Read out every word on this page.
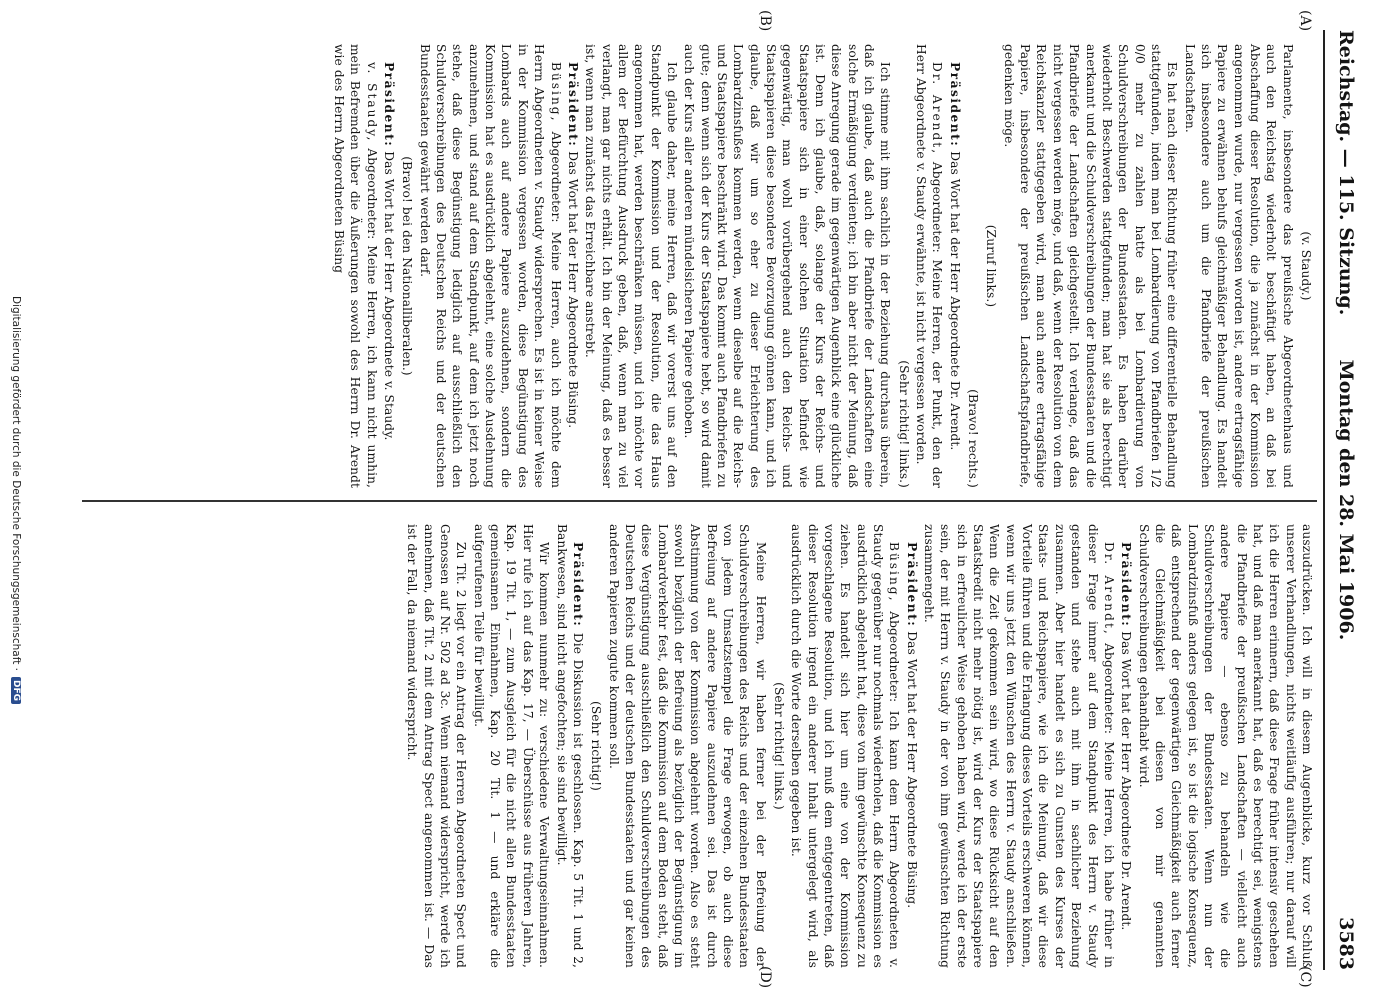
Reichstag. — 115. Sitzung.
Montag den 28. Mai 1906.
3583
(A)
(B)
(C)
(D)

(v. Staudy.)

Parlamente, insbesondere das preußische Abgeordnetenhaus und auch den Reichstag wiederholt beschäftigt haben, an daß bei Abschaffung dieser Resolution, die ja zunächst in der Kommission angenommen wurde, nur vergessen worden ist, andere ertragsfähige Papiere zu erwähnen behufs gleichmäßiger Behandlung. Es handelt sich insbesondere auch um die Pfandbriefe der preußischen Landschaften.

Es hat nach dieser Richtung früher eine differentielle Behandlung stattgefunden, indem man bei Lombardierung von Pfandbriefen 1/2 0/0 mehr zu zahlen hatte als bei Lombardierung von Schuldverschreibungen der Bundesstaaten. Es haben darüber wiederholt Beschwerden stattgefunden; man hat sie als berechtigt anerkannt und die Schuldverschreibungen der Bundesstaaten und die Pfandbriefe der Landschaften gleichgestellt. Ich verlange, daß das nicht vergessen werden möge, und daß, wenn der Resolution von dem Reichskanzler stattgegeben wird, man auch andere ertragsfähige Papiere, insbesondere der preußischen Landschaftspfandbriefe, gedenken möge.

(Zuruf links.)

(Bravo! rechts.)

Präsident: Das Wort hat der Herr Abgeordnete Dr. Arendt.

Dr. Arendt, Abgeordneter: Meine Herren, der Punkt, den der Herr Abgeordnete v. Staudy erwähnte, ist nicht vergessen worden.

(Sehr richtig! links.)

Ich stimme mit ihm sachlich in der Beziehung durchaus überein, daß ich glaube, daß auch die Pfandbriefe der Landschaften eine solche Ermäßigung verdienten; ich bin aber nicht der Meinung, daß diese Anregung gerade im gegenwärtigen Augenblick eine glückliche ist. Denn ich glaube, daß, solange der Kurs der Reichs- und Staatspapiere sich in einer solchen Situation befindet wie gegenwärtig, man wohl vorübergehend auch den Reichs- und Staatspapieren diese besondere Bevorzugung gönnen kann, und ich glaube, daß wir um so eher zu dieser Erleichterung des Lombardzinsfußes kommen werden, wenn dieselbe auf die Reichs- und Staatspapiere beschränkt wird. Das kommt auch Pfandbriefen zu gute; denn wenn sich der Kurs der Staatspapiere hebt, so wird damit auch der Kurs aller anderen mündelsicheren Papiere gehoben.

Ich glaube daher, meine Herren, daß wir vorerst uns auf den Standpunkt der Kommission und der Resolution, die das Haus angenommen hat, werden beschränken müssen, und ich möchte vor allem der Befürchtung Ausdruck geben, daß, wenn man zu viel verlangt, man gar nichts erhält. Ich bin der Meinung, daß es besser ist, wenn man zunächst das Erreichbare anstrebt.

Präsident: Das Wort hat der Herr Abgeordnete Büsing.

Büsing, Abgeordneter: Meine Herren, auch ich möchte dem Herrn Abgeordneten v. Staudy widersprechen. Es ist in keiner Weise in der Kommission vergessen worden, diese Begünstigung des Lombards auch auf andere Papiere auszudehnen, sondern die Kommission hat es ausdrücklich abgelehnt, eine solche Ausdehnung anzunehmen, und stand auf dem Standpunkt, auf dem ich jetzt noch stehe, daß diese Begünstigung lediglich auf ausschließlich den Schuldverschreibungen des Deutschen Reichs und der deutschen Bundesstaaten gewährt werden darf.

(Bravo! bei den Nationalliberalen.)

Präsident: Das Wort hat der Herr Abgeordnete v. Staudy.

v. Staudy, Abgeordneter: Meine Herren, ich kann nicht umhin, mein Befremden über die Äußerungen sowohl des Herrn Dr. Arendt wie des Herrn Abgeordneten Büsing

auszudrücken. Ich will in diesem Augenblicke, kurz vor Schluß unserer Verhandlungen, nichts weitläufig ausführen; nur darauf will ich die Herren erinnern, daß diese Frage früher intensiv geschehen hat, und daß man anerkannt hat, daß es berechtigt sei, wenigstens die Pfandbriefe der preußischen Landschaften — vielleicht auch andere Papiere — ebenso zu behandeln wie die Schuldverschreibungen der Bundesstaaten. Wenn nun der Lombardzinsfuß anders gelegen ist, so ist die logische Konsequenz, daß entsprechend der gegenwärtigen Gleichmäßigkeit auch ferner die Gleichmäßigkeit bei diesen von mir genannten Schuldverschreibungen gehandhabt wird.

Präsident: Das Wort hat der Herr Abgeordnete Dr. Arendt.

Dr. Arendt, Abgeordneter: Meine Herren, ich habe früher in dieser Frage immer auf dem Standpunkt des Herrn v. Staudy gestanden und stehe auch mit ihm in sachlicher Beziehung zusammen. Aber hier handelt es sich zu Gunsten des Kurses der Staats- und Reichspapiere, wie ich die Meinung, daß wir diese Vorteile führen und die Erlangung dieses Vorteils erschweren können, wenn wir uns jetzt den Wünschen des Herrn v. Staudy anschließen. Wenn die Zeit gekommen sein wird, wo diese Rücksicht auf den Staatskredit nicht mehr nötig ist, wird der Kurs der Staatspapiere sich in erfreulicher Weise gehoben haben wird, werde ich der erste sein, der mit Herrn v. Staudy in der von ihm gewünschten Richtung zusammengeht.

Präsident: Das Wort hat der Herr Abgeordnete Büsing.

Büsing, Abgeordneter: Ich kann dem Herrn Abgeordneten v. Staudy gegenüber nur nochmals wiederholen, daß die Kommission es ausdrücklich abgelehnt hat, diese von ihm gewünschte Konsequenz zu ziehen. Es handelt sich hier um eine von der Kommission vorgeschlagene Resolution, und ich muß dem entgegentreten, daß dieser Resolution irgend ein anderer Inhalt untergelegt wird, als ausdrücklich durch die Worte derselben gegeben ist.

(Sehr richtig! links.)

Meine Herren, wir haben ferner bei der Befreiung der Schuldverschreibungen des Reichs und der einzelnen Bundesstaaten von jedem Umsatzstempel die Frage erwogen, ob auch diese Befreiung auf andere Papiere auszudehnen sei. Das ist durch Abstimmung von der Kommission abgelehnt worden. Also es steht sowohl bezüglich der Befreiung als bezüglich der Begünstigung im Lombardverkehr fest, daß die Kommission auf dem Boden steht, daß diese Vergünstigung ausschließlich den Schuldverschreibungen des Deutschen Reichs und der deutschen Bundesstaaten und gar keinen anderen Papieren zugute kommen soll.

(Sehr richtig!)

Präsident: Die Diskussion ist geschlossen. Kap. 5 Tit. 1 und 2, Bankwesen, sind nicht angefochten; sie sind bewilligt.

Wir kommen nunmehr zu: verschiedene Verwaltungseinnahmen. Hier rufe ich auf das Kap. 17, — Überschüsse aus früheren Jahren, Kap. 19 Tit. 1, — zum Ausgleich für die nicht allen Bundesstaaten gemeinsamen Einnahmen, Kap. 20 Tit. 1 — und erkläre die aufgerufenen Teile für bewilligt.

Zu Tit. 2 liegt vor ein Antrag der Herren Abgeordneten Spect und Genossen auf Nr. 502 ad 3c. Wenn niemand widerspricht, werde ich annehmen, daß Tit. 2 mit dem Antrag Spect angenommen ist. — Das ist der Fall, da niemand widerspricht.

Digitalisierung gefördert durch die Deutsche Forschungsgemeinschaft ·DFG
